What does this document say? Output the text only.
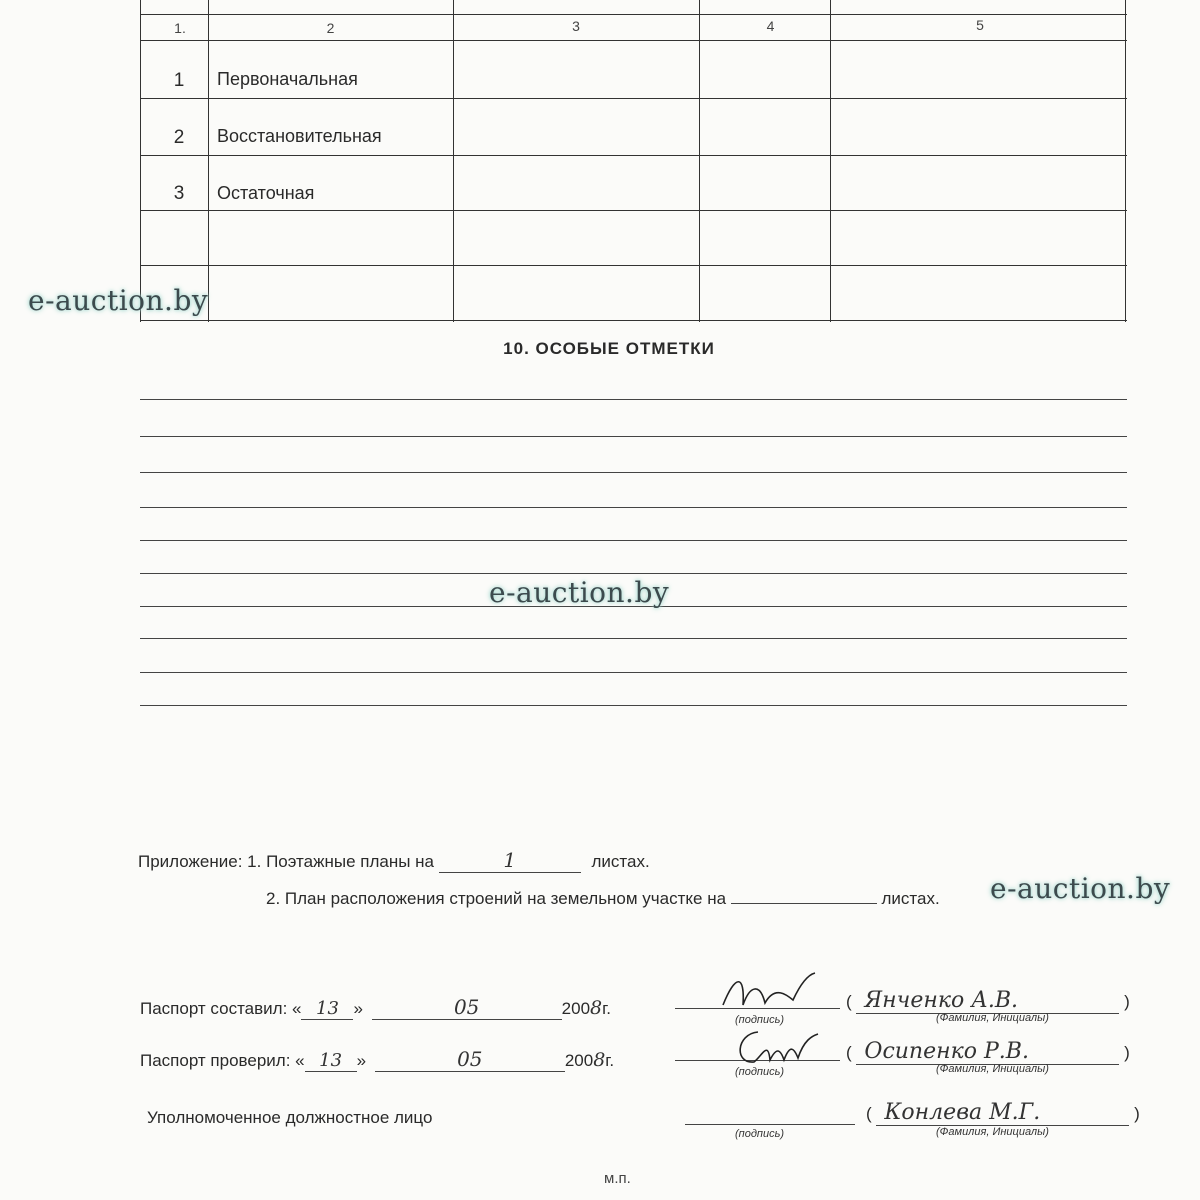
1.	2	3	4	5
1	Первоначальная
2	Восстановительная
3	Остаточная
10. ОСОБЫЕ ОТМЕТКИ
Приложение: 1. Поэтажные планы на	1	листах.
2. План расположения строений на земельном участке на	листах.
Паспорт составил: « 13 »	05	2008г.
(подпись)
( Янченко А.В.	)
(Фамилия, Инициалы)
Паспорт проверил: « 13 »	05	2008г.
(подпись)
( Осипенко Р.В.	)
(Фамилия, Инициалы)
Уполномоченное должностное лицо
(подпись)
( Конлева М.Г.	)
(Фамилия, Инициалы)
м.п.
e-auction.by
e-auction.by
e-auction.by
